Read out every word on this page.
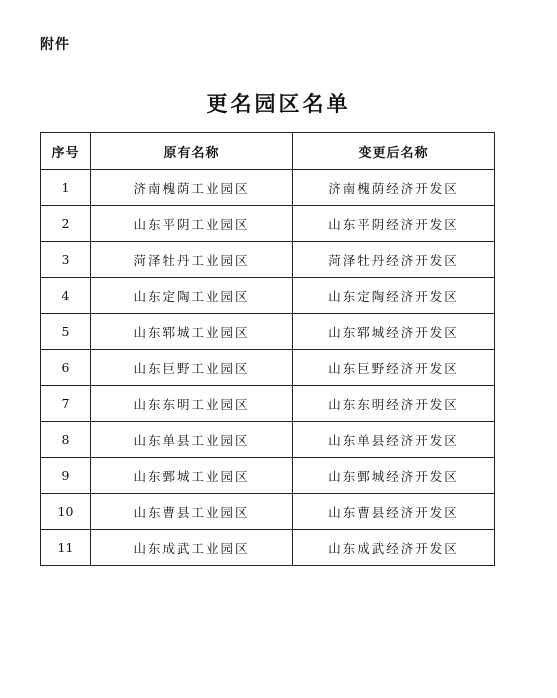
附件
更名园区名单
序号	原有名称	变更后名称
1	济南槐荫工业园区	济南槐荫经济开发区
2	山东平阴工业园区	山东平阴经济开发区
3	菏泽牡丹工业园区	菏泽牡丹经济开发区
4	山东定陶工业园区	山东定陶经济开发区
5	山东郓城工业园区	山东郓城经济开发区
6	山东巨野工业园区	山东巨野经济开发区
7	山东东明工业园区	山东东明经济开发区
8	山东单县工业园区	山东单县经济开发区
9	山东鄄城工业园区	山东鄄城经济开发区
10	山东曹县工业园区	山东曹县经济开发区
11	山东成武工业园区	山东成武经济开发区
